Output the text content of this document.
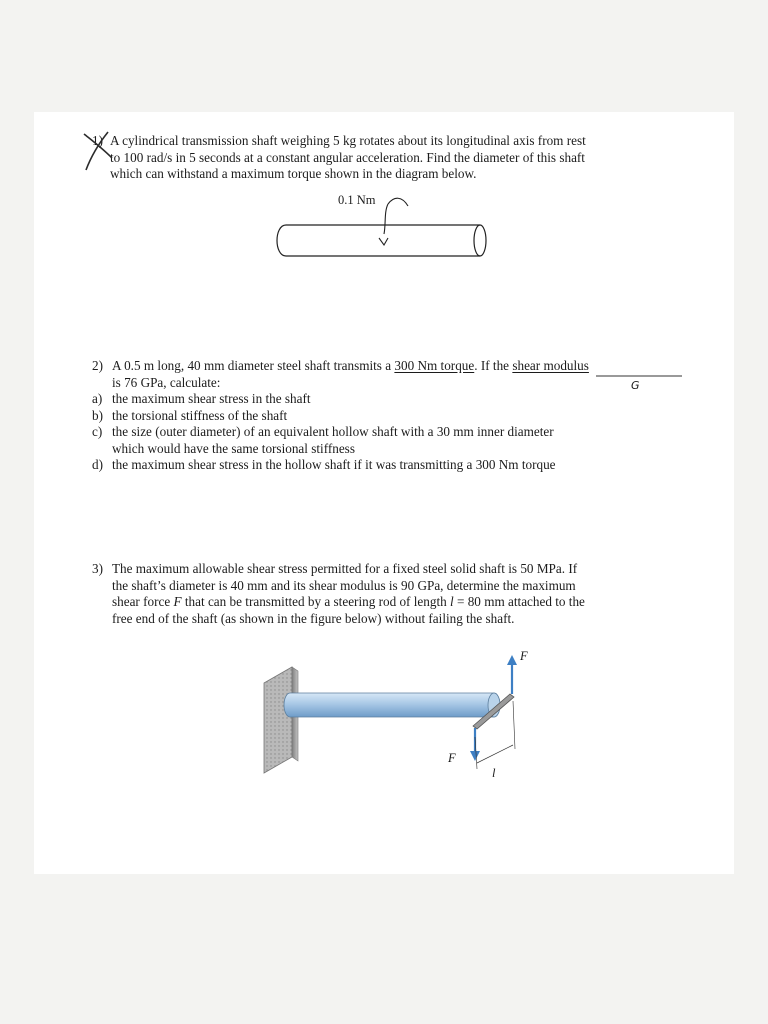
A cylindrical transmission shaft weighing 5 kg rotates about its longitudinal axis from rest

to 100 rad/s in 5 seconds at a constant angular acceleration. Find the diameter of this shaft

which can withstand a maximum torque shown in the diagram below.

1)
0.1 Nm

2) A 0.5 m long, 40 mm diameter steel shaft transmits a 300 Nm torque. If the shear modulus

is 76 GPa, calculate:

a) the maximum shear stress in the shaft
b) the torsional stiffness of the shaft
c) the size (outer diameter) of an equivalent hollow shaft with a 30 mm inner diameter
which would have the same torsional stiffness
d) the maximum shear stress in the hollow shaft if it was transmitting a 300 Nm torque
G

3) The maximum allowable shear stress permitted for a fixed steel solid shaft is 50 MPa. If

the shaft’s diameter is 40 mm and its shear modulus is 90 GPa, determine the maximum

shear force F that can be transmitted by a steering rod of length l = 80 mm attached to the

free end of the shaft (as shown in the figure below) without failing the shaft.

F
F
l
